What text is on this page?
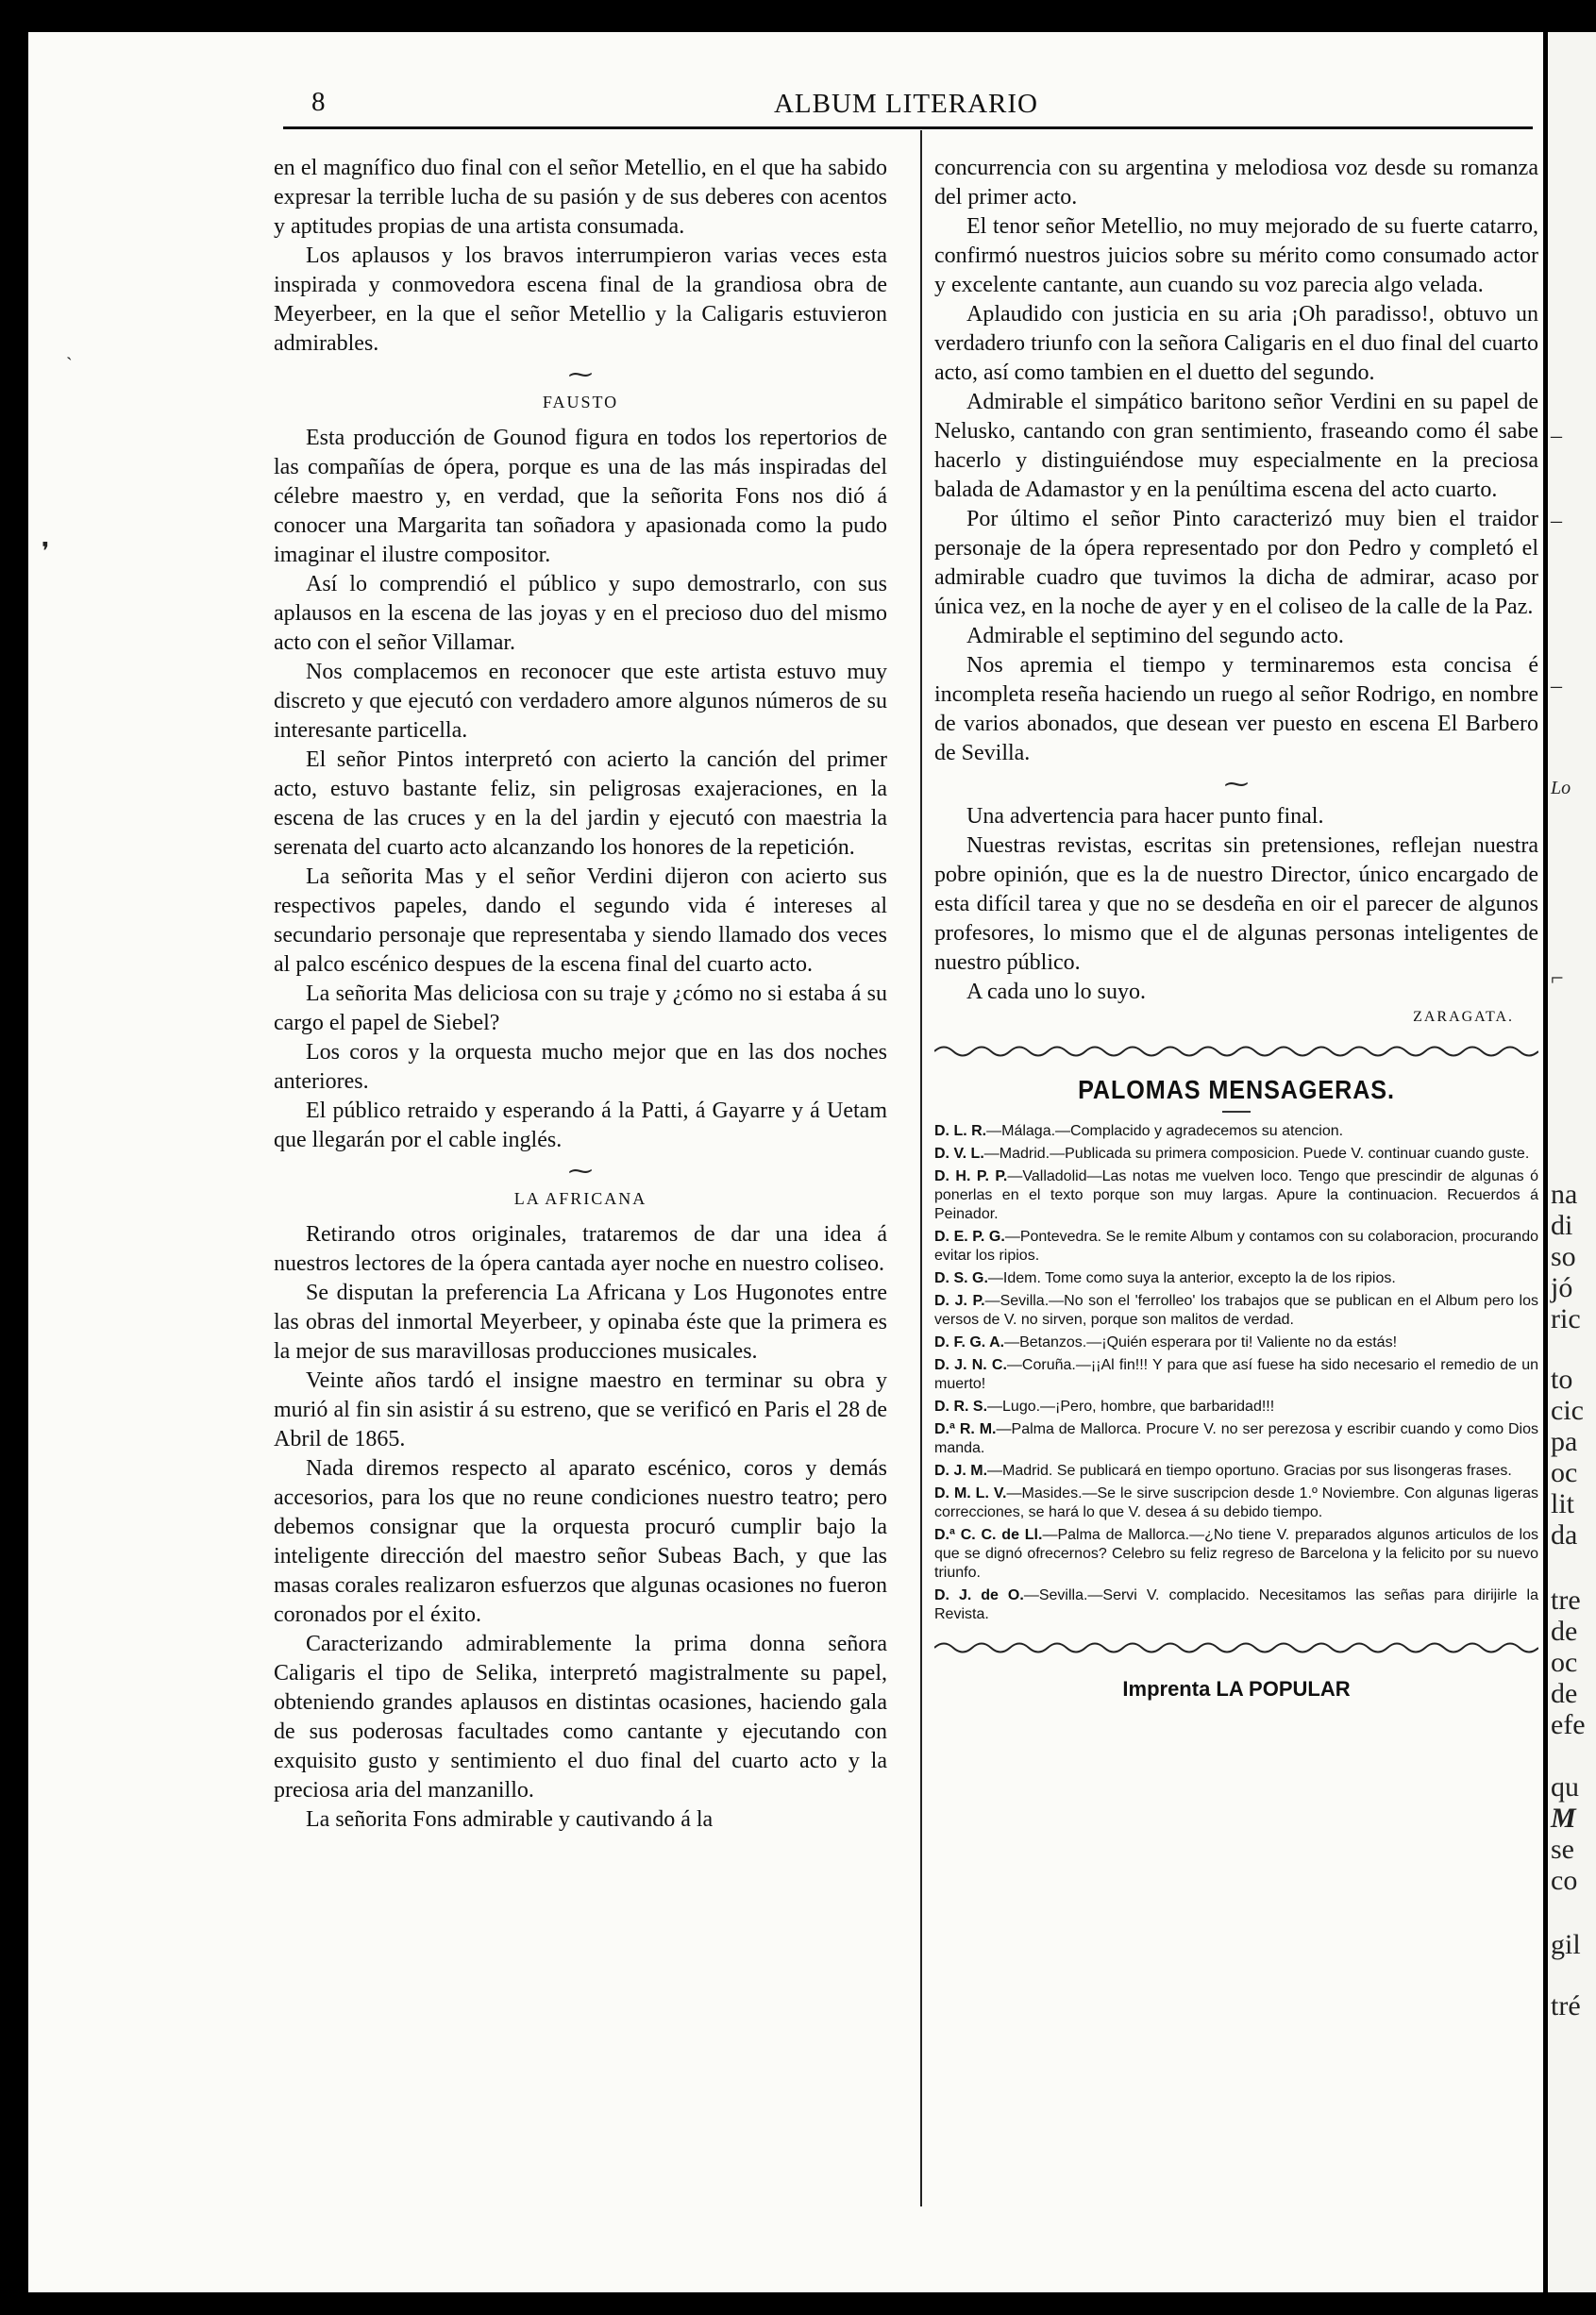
8	ALBUM LITERARIO

en el magnífico duo final con el señor Metellio, en el que ha sabido expresar la terrible lucha de su pasión y de sus deberes con acentos y aptitudes propias de una artista consumada.

Los aplausos y los bravos interrumpieron varias veces esta inspirada y conmovedora escena final de la grandiosa obra de Meyerbeer, en la que el señor Metellio y la Caligaris estuvieron admirables.

⁓
FAUSTO

Esta producción de Gounod figura en todos los repertorios de las compañías de ópera, porque es una de las más inspiradas del célebre maestro y, en verdad, que la señorita Fons nos dió á conocer una Margarita tan soñadora y apasionada como la pudo imaginar el ilustre compositor.

Así lo comprendió el público y supo demostrarlo, con sus aplausos en la escena de las joyas y en el precioso duo del mismo acto con el señor Villamar.

Nos complacemos en reconocer que este artista estuvo muy discreto y que ejecutó con verdadero amore algunos números de su interesante particella.

El señor Pintos interpretó con acierto la canción del primer acto, estuvo bastante feliz, sin peligrosas exajeraciones, en la escena de las cruces y en la del jardin y ejecutó con maestria la serenata del cuarto acto alcanzando los honores de la repetición.

La señorita Mas y el señor Verdini dijeron con acierto sus respectivos papeles, dando el segundo vida é intereses al secundario personaje que representaba y siendo llamado dos veces al palco escénico despues de la escena final del cuarto acto.

La señorita Mas deliciosa con su traje y ¿cómo no si estaba á su cargo el papel de Siebel?

Los coros y la orquesta mucho mejor que en las dos noches anteriores.

El público retraido y esperando á la Patti, á Gayarre y á Uetam que llegarán por el cable inglés.

⁓
LA AFRICANA

Retirando otros originales, trataremos de dar una idea á nuestros lectores de la ópera cantada ayer noche en nuestro coliseo.

Se disputan la preferencia La Africana y Los Hugonotes entre las obras del inmortal Meyerbeer, y opinaba éste que la primera es la mejor de sus maravillosas producciones musicales.

Veinte años tardó el insigne maestro en terminar su obra y murió al fin sin asistir á su estreno, que se verificó en Paris el 28 de Abril de 1865.

Nada diremos respecto al aparato escénico, coros y demás accesorios, para los que no reune condiciones nuestro teatro; pero debemos consignar que la orquesta procuró cumplir bajo la inteligente dirección del maestro señor Subeas Bach, y que las masas corales realizaron esfuerzos que algunas ocasiones no fueron coronados por el éxito.

Caracterizando admirablemente la prima donna señora Caligaris el tipo de Selika, interpretó magistralmente su papel, obteniendo grandes aplausos en distintas ocasiones, haciendo gala de sus poderosas facultades como cantante y ejecutando con exquisito gusto y sentimiento el duo final del cuarto acto y la preciosa aria del manzanillo.

La señorita Fons admirable y cautivando á la

concurrencia con su argentina y melodiosa voz desde su romanza del primer acto.

El tenor señor Metellio, no muy mejorado de su fuerte catarro, confirmó nuestros juicios sobre su mérito como consumado actor y excelente cantante, aun cuando su voz parecia algo velada.

Aplaudido con justicia en su aria ¡Oh paradisso!, obtuvo un verdadero triunfo con la señora Caligaris en el duo final del cuarto acto, así como tambien en el duetto del segundo.

Admirable el simpático baritono señor Verdini en su papel de Nelusko, cantando con gran sentimiento, fraseando como él sabe hacerlo y distinguiéndose muy especialmente en la preciosa balada de Adamastor y en la penúltima escena del acto cuarto.

Por último el señor Pinto caracterizó muy bien el traidor personaje de la ópera representado por don Pedro y completó el admirable cuadro que tuvimos la dicha de admirar, acaso por única vez, en la noche de ayer y en el coliseo de la calle de la Paz.

Admirable el septimino del segundo acto.

Nos apremia el tiempo y terminaremos esta concisa é incompleta reseña haciendo un ruego al señor Rodrigo, en nombre de varios abonados, que desean ver puesto en escena El Barbero de Sevilla.

⁓

Una advertencia para hacer punto final.

Nuestras revistas, escritas sin pretensiones, reflejan nuestra pobre opinión, que es la de nuestro Director, único encargado de esta difícil tarea y que no se desdeña en oir el parecer de algunos profesores, lo mismo que el de algunas personas inteligentes de nuestro público.

A cada uno lo suyo.

ZARAGATA.
PALOMAS MENSAGERAS.
D. L. R.—Málaga.—Complacido y agradecemos su atencion.
D. V. L.—Madrid.—Publicada su primera composicion. Puede V. continuar cuando guste.
D. H. P. P.—Valladolid—Las notas me vuelven loco. Tengo que prescindir de algunas ó ponerlas en el texto porque son muy largas. Apure la continuacion. Recuerdos á Peinador.
D. E. P. G.—Pontevedra. Se le remite Album y contamos con su colaboracion, procurando evitar los ripios.
D. S. G.—Idem. Tome como suya la anterior, excepto la de los ripios.
D. J. P.—Sevilla.—No son el 'ferrolleo' los trabajos que se publican en el Album pero los versos de V. no sirven, porque son malitos de verdad.
D. F. G. A.—Betanzos.—¡Quién esperara por ti! Valiente no da estás!
D. J. N. C.—Coruña.—¡¡Al fin!!! Y para que así fuese ha sido necesario el remedio de un muerto!
D. R. S.—Lugo.—¡Pero, hombre, que barbaridad!!!
D.ª R. M.—Palma de Mallorca. Procure V. no ser perezosa y escribir cuando y como Dios manda.
D. J. M.—Madrid. Se publicará en tiempo oportuno. Gracias por sus lisongeras frases.
D. M. L. V.—Masides.—Se le sirve suscripcion desde 1.º Noviembre. Con algunas ligeras correcciones, se hará lo que V. desea á su debido tiempo.
D.ª C. C. de Ll.—Palma de Mallorca.—¿No tiene V. preparados algunos articulos de los que se dignó ofrecernos? Celebro su feliz regreso de Barcelona y la felicito por su nuevo triunfo.
D. J. de O.—Sevilla.—Servi V. complacido. Necesitamos las señas para dirijirle la Revista.
Imprenta LA POPULAR
Lo
na
di
so
jó
ric
to
cic
pa
oc
lit
da
tre
de
oc
de
efe
qu
M
se
co
gil
tré
–
–
–
⌐
ˏ
❜
